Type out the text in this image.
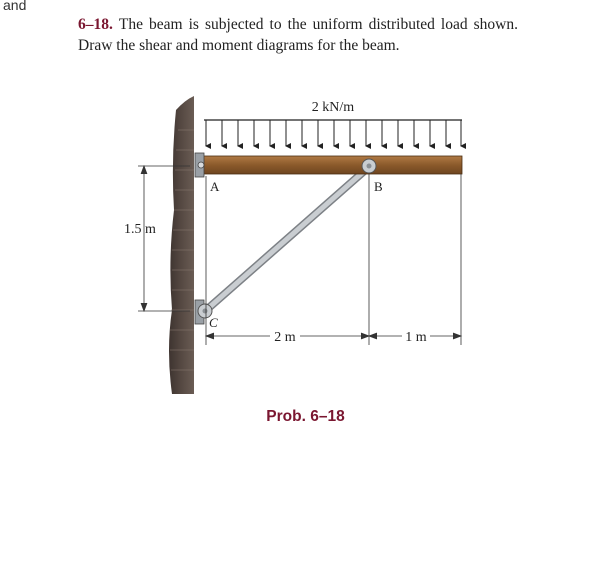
and
6–18. The beam is subjected to the uniform distributed load shown. Draw the shear and moment diagrams for the beam.
2 kN/m
A	B
C
1.5 m
2 m	1 m
Prob. 6–18
